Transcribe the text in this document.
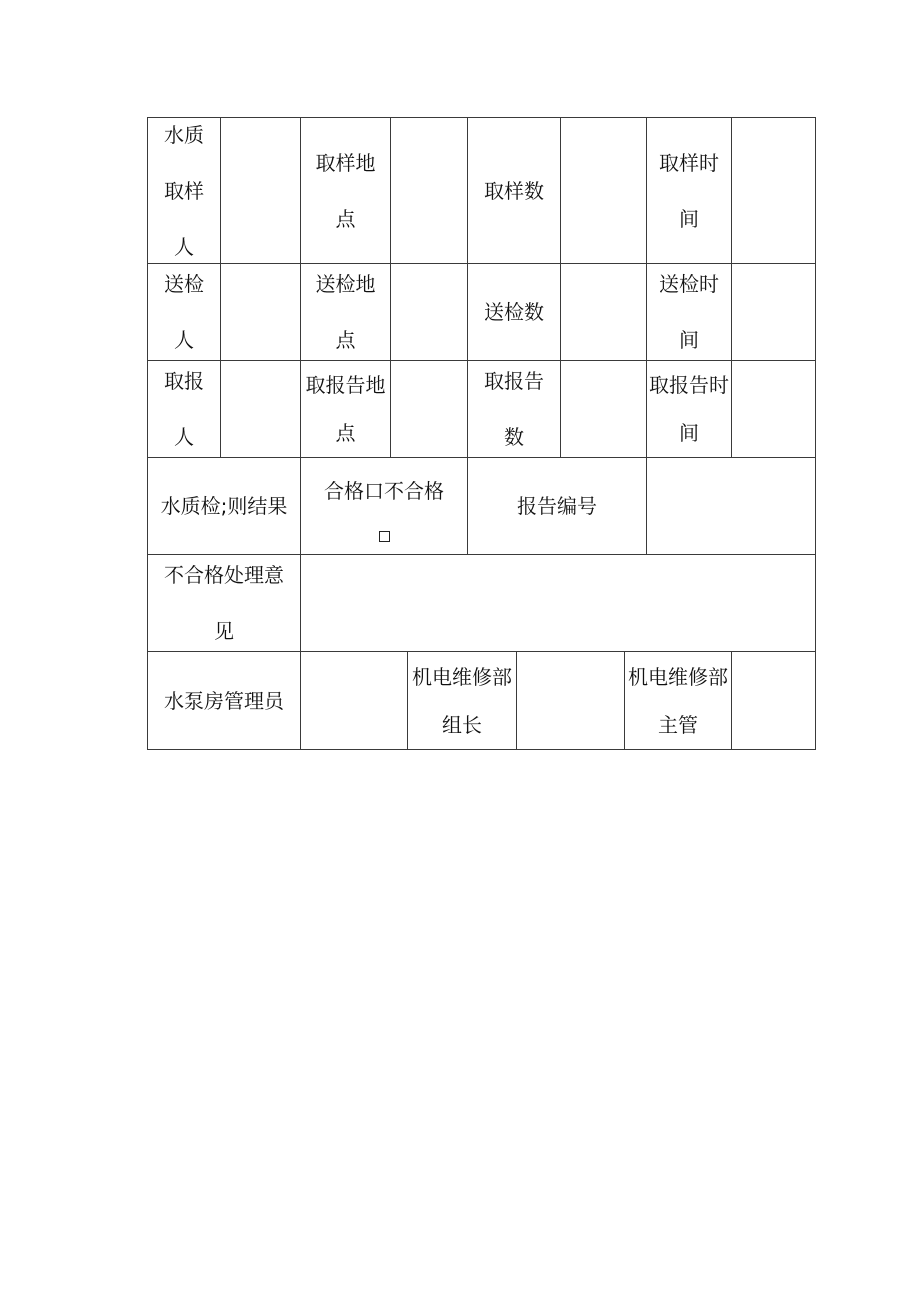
水质
取样
人
取样地
点
取样数
取样时
间
送检
人
送检地
点
送检数
送检时
间
取报
人
取报告地
点
取报告
数
取报告时
间
水质检;则结果
合格口不合格
报告编号
不合格处理意
见
水泵房管理员
机电维修部
组长
机电维修部
主管
